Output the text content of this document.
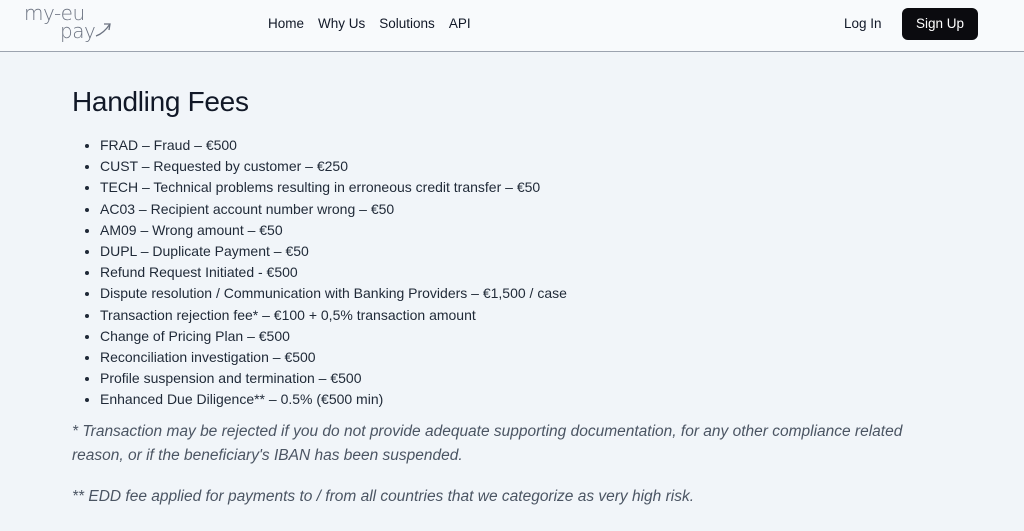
my-eu
pay	Home Why Us Solutions API	Log In	Sign Up
Handling Fees
• FRAD – Fraud – €500
• CUST – Requested by customer – €250
• TECH – Technical problems resulting in erroneous credit transfer – €50
• AC03 – Recipient account number wrong – €50
• AM09 – Wrong amount – €50
• DUPL – Duplicate Payment – €50
• Refund Request Initiated - €500
• Dispute resolution / Communication with Banking Providers – €1,500 / case
• Transaction rejection fee* – €100 + 0,5% transaction amount
• Change of Pricing Plan – €500
• Reconciliation investigation – €500
• Profile suspension and termination – €500
• Enhanced Due Diligence** – 0.5% (€500 min)

* Transaction may be rejected if you do not provide adequate supporting documentation, for any other compliance related reason, or if the beneficiary's IBAN has been suspended.

** EDD fee applied for payments to / from all countries that we categorize as very high risk.
